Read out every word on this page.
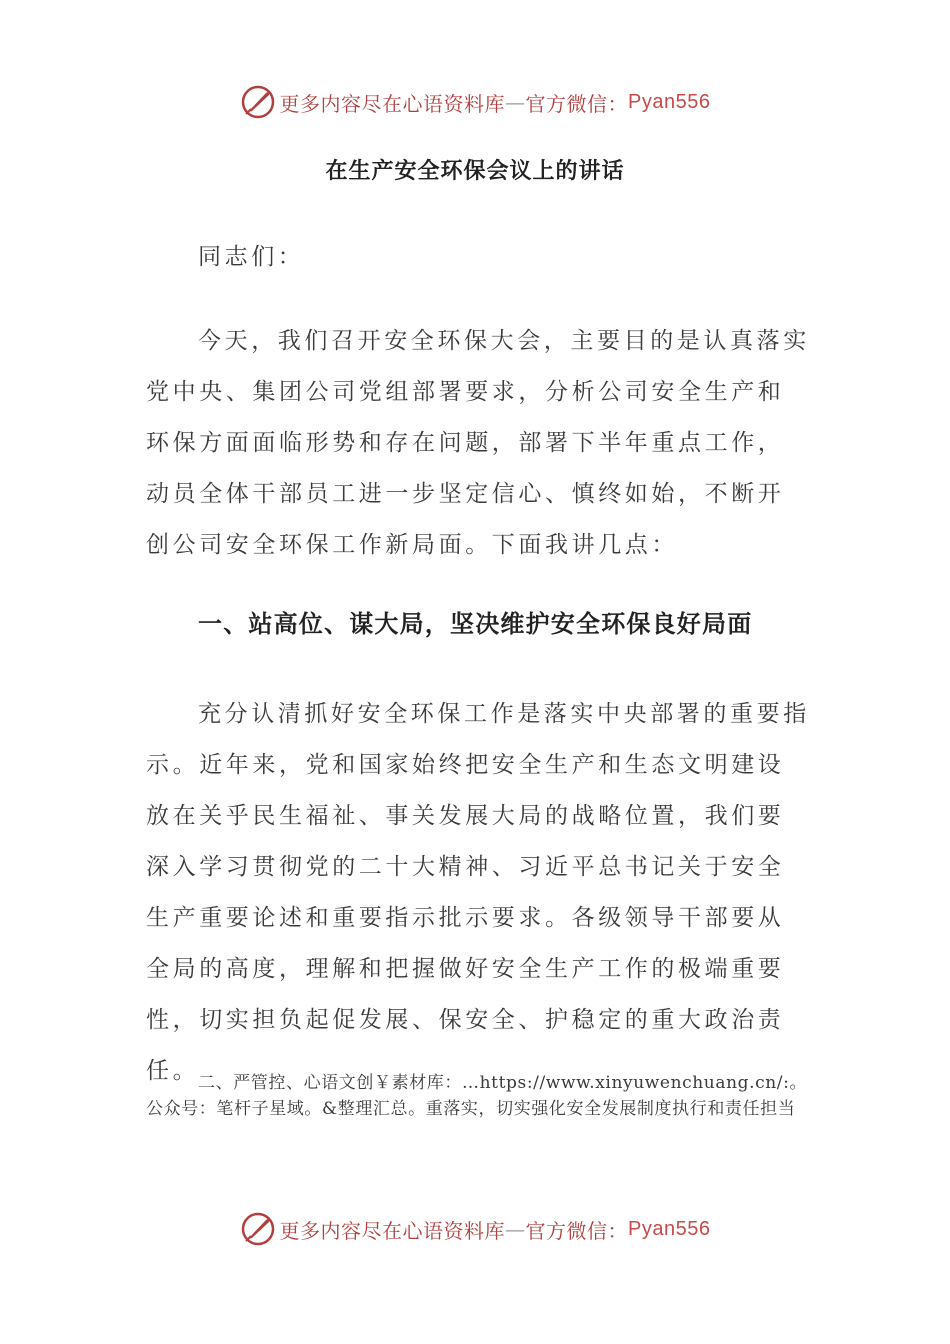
更多内容尽在心语资料库 — 官方微信： Pyan556
在生产安全环保会议上的讲话

同志们：

今天，我们召开安全环保大会，主要目的是认真落实党中央、集团公司党组部署要求，分析公司安全生产和环保方面面临形势和存在问题，部署下半年重点工作，动员全体干部员工进一步坚定信心、慎终如始，不断开创公司安全环保工作新局面。下面我讲几点：

一、站高位、谋大局，坚决维护安全环保良好局面

充分认清抓好安全环保工作是落实中央部署的重要指示。近年来，党和国家始终把安全生产和生态文明建设放在关乎民生福祉、事关发展大局的战略位置，我们要深入学习贯彻党的二十大精神、习近平总书记关于安全生产重要论述和重要指示批示要求。各级领导干部要从全局的高度，理解和把握做好安全生产工作的极端重要性，切实担负起促发展、保安全、护稳定的重大政治责任。

二、严管控、心语文创￥素材库：…https://www.xinyuwenchuang.cn/:。公众号：笔杆子星域。&整理汇总。重落实，切实强化安全发展制度执行和责任担当

更多内容尽在心语资料库 — 官方微信： Pyan556
